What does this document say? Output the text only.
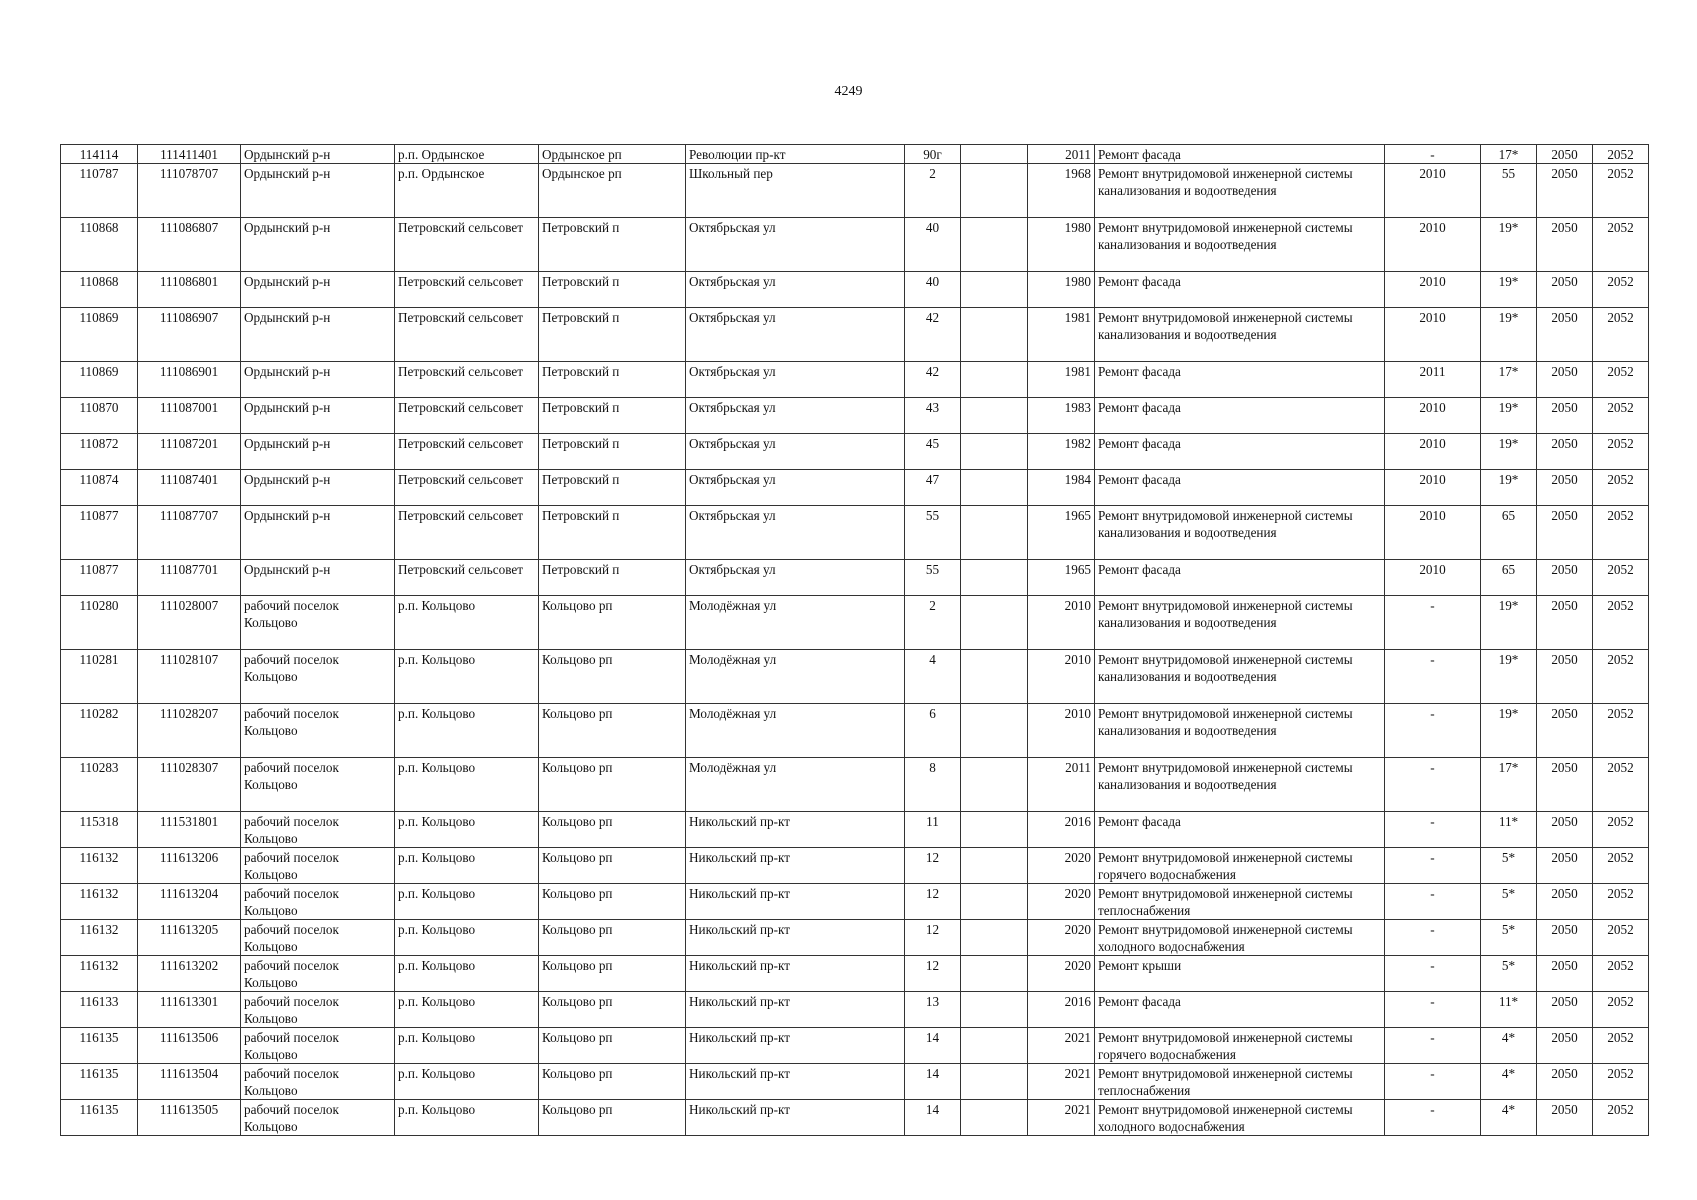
4249
114114	111411401	Ордынский р-н	р.п. Ордынское	Ордынское рп	Революции пр-кт	90г		2011	Ремонт фасада	-	17*	2050	2052
110787	111078707	Ордынский р-н	р.п. Ордынское	Ордынское рп	Школьный пер	2		1968	Ремонт внутридомовой инженерной системы канализования и водоотведения	2010	55	2050	2052
110868	111086807	Ордынский р-н	Петровский сельсовет	Петровский п	Октябрьская ул	40		1980	Ремонт внутридомовой инженерной системы канализования и водоотведения	2010	19*	2050	2052
110868	111086801	Ордынский р-н	Петровский сельсовет	Петровский п	Октябрьская ул	40		1980	Ремонт фасада	2010	19*	2050	2052
110869	111086907	Ордынский р-н	Петровский сельсовет	Петровский п	Октябрьская ул	42		1981	Ремонт внутридомовой инженерной системы канализования и водоотведения	2010	19*	2050	2052
110869	111086901	Ордынский р-н	Петровский сельсовет	Петровский п	Октябрьская ул	42		1981	Ремонт фасада	2011	17*	2050	2052
110870	111087001	Ордынский р-н	Петровский сельсовет	Петровский п	Октябрьская ул	43		1983	Ремонт фасада	2010	19*	2050	2052
110872	111087201	Ордынский р-н	Петровский сельсовет	Петровский п	Октябрьская ул	45		1982	Ремонт фасада	2010	19*	2050	2052
110874	111087401	Ордынский р-н	Петровский сельсовет	Петровский п	Октябрьская ул	47		1984	Ремонт фасада	2010	19*	2050	2052
110877	111087707	Ордынский р-н	Петровский сельсовет	Петровский п	Октябрьская ул	55		1965	Ремонт внутридомовой инженерной системы канализования и водоотведения	2010	65	2050	2052
110877	111087701	Ордынский р-н	Петровский сельсовет	Петровский п	Октябрьская ул	55		1965	Ремонт фасада	2010	65	2050	2052
110280	111028007	рабочий поселок Кольцово	р.п. Кольцово	Кольцово рп	Молодёжная ул	2		2010	Ремонт внутридомовой инженерной системы канализования и водоотведения	-	19*	2050	2052
110281	111028107	рабочий поселок Кольцово	р.п. Кольцово	Кольцово рп	Молодёжная ул	4		2010	Ремонт внутридомовой инженерной системы канализования и водоотведения	-	19*	2050	2052
110282	111028207	рабочий поселок Кольцово	р.п. Кольцово	Кольцово рп	Молодёжная ул	6		2010	Ремонт внутридомовой инженерной системы канализования и водоотведения	-	19*	2050	2052
110283	111028307	рабочий поселок Кольцово	р.п. Кольцово	Кольцово рп	Молодёжная ул	8		2011	Ремонт внутридомовой инженерной системы канализования и водоотведения	-	17*	2050	2052
115318	111531801	рабочий поселок Кольцово	р.п. Кольцово	Кольцово рп	Никольский пр-кт	11		2016	Ремонт фасада	-	11*	2050	2052
116132	111613206	рабочий поселок Кольцово	р.п. Кольцово	Кольцово рп	Никольский пр-кт	12		2020	Ремонт внутридомовой инженерной системы горячего водоснабжения	-	5*	2050	2052
116132	111613204	рабочий поселок Кольцово	р.п. Кольцово	Кольцово рп	Никольский пр-кт	12		2020	Ремонт внутридомовой инженерной системы теплоснабжения	-	5*	2050	2052
116132	111613205	рабочий поселок Кольцово	р.п. Кольцово	Кольцово рп	Никольский пр-кт	12		2020	Ремонт внутридомовой инженерной системы холодного водоснабжения	-	5*	2050	2052
116132	111613202	рабочий поселок Кольцово	р.п. Кольцово	Кольцово рп	Никольский пр-кт	12		2020	Ремонт крыши	-	5*	2050	2052
116133	111613301	рабочий поселок Кольцово	р.п. Кольцово	Кольцово рп	Никольский пр-кт	13		2016	Ремонт фасада	-	11*	2050	2052
116135	111613506	рабочий поселок Кольцово	р.п. Кольцово	Кольцово рп	Никольский пр-кт	14		2021	Ремонт внутридомовой инженерной системы горячего водоснабжения	-	4*	2050	2052
116135	111613504	рабочий поселок Кольцово	р.п. Кольцово	Кольцово рп	Никольский пр-кт	14		2021	Ремонт внутридомовой инженерной системы теплоснабжения	-	4*	2050	2052
116135	111613505	рабочий поселок Кольцово	р.п. Кольцово	Кольцово рп	Никольский пр-кт	14		2021	Ремонт внутридомовой инженерной системы холодного водоснабжения	-	4*	2050	2052
